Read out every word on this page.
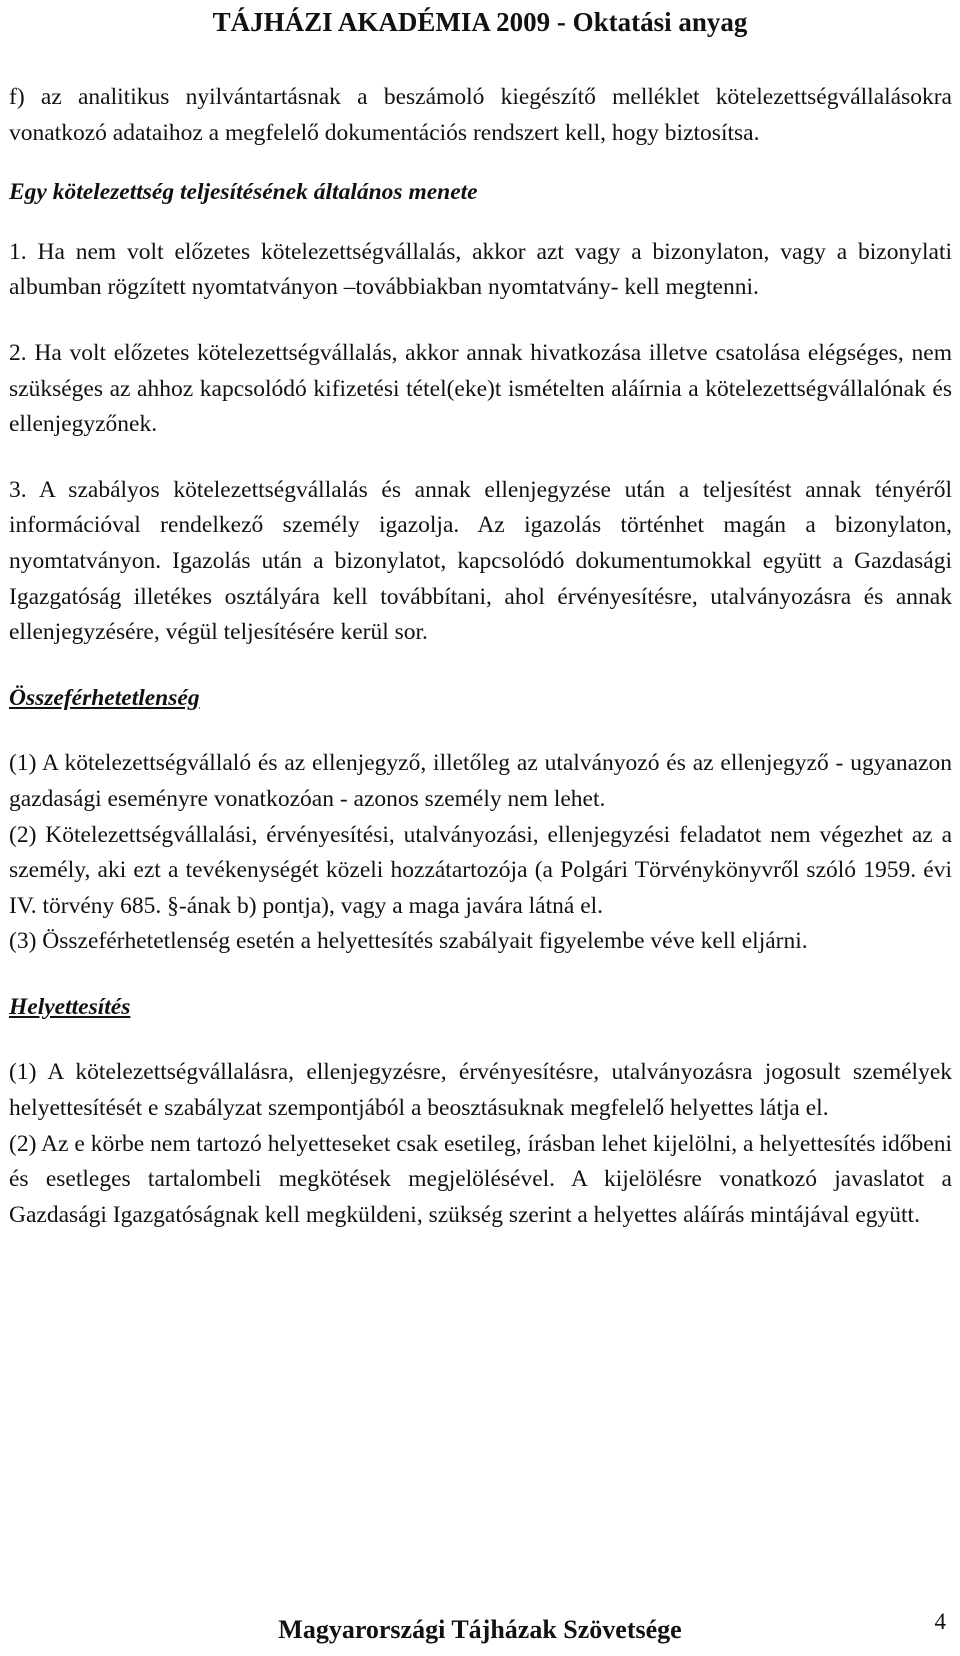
TÁJHÁZI AKADÉMIA 2009 - Oktatási anyag

f) az analitikus nyilvántartásnak a beszámoló kiegészítő melléklet kötelezettségvállalásokra vonatkozó adataihoz a megfelelő dokumentációs rendszert kell, hogy biztosítsa.

Egy kötelezettség teljesítésének általános menete

1. Ha nem volt előzetes kötelezettségvállalás, akkor azt vagy a bizonylaton, vagy a bizonylati albumban rögzített nyomtatványon –továbbiakban nyomtatvány- kell megtenni.

2. Ha volt előzetes kötelezettségvállalás, akkor annak hivatkozása illetve csatolása elégséges, nem szükséges az ahhoz kapcsolódó kifizetési tétel(eke)t ismételten aláírnia a kötelezettségvállalónak és ellenjegyzőnek.

3. A szabályos kötelezettségvállalás és annak ellenjegyzése után a teljesítést annak tényéről információval rendelkező személy igazolja. Az igazolás történhet magán a bizonylaton, nyomtatványon. Igazolás után a bizonylatot, kapcsolódó dokumentumokkal együtt a Gazdasági Igazgatóság illetékes osztályára kell továbbítani, ahol érvényesítésre, utalványozásra és annak ellenjegyzésére, végül teljesítésére kerül sor.

Összeférhetetlenség

(1) A kötelezettségvállaló és az ellenjegyző, illetőleg az utalványozó és az ellenjegyző - ugyanazon gazdasági eseményre vonatkozóan - azonos személy nem lehet.

(2) Kötelezettségvállalási, érvényesítési, utalványozási, ellenjegyzési feladatot nem végezhet az a személy, aki ezt a tevékenységét közeli hozzátartozója (a Polgári Törvénykönyvről szóló 1959. évi IV. törvény 685. §-ának b) pontja), vagy a maga javára látná el.

(3) Összeférhetetlenség esetén a helyettesítés szabályait figyelembe véve kell eljárni.

Helyettesítés

(1) A kötelezettségvállalásra, ellenjegyzésre, érvényesítésre, utalványozásra jogosult személyek helyettesítését e szabályzat szempontjából a beosztásuknak megfelelő helyettes látja el.

(2) Az e körbe nem tartozó helyetteseket csak esetileg, írásban lehet kijelölni, a helyettesítés időbeni és esetleges tartalombeli megkötések megjelölésével. A kijelölésre vonatkozó javaslatot a Gazdasági Igazgatóságnak kell megküldeni, szükség szerint a helyettes aláírás mintájával együtt.

Magyarországi Tájházak Szövetsége	4
